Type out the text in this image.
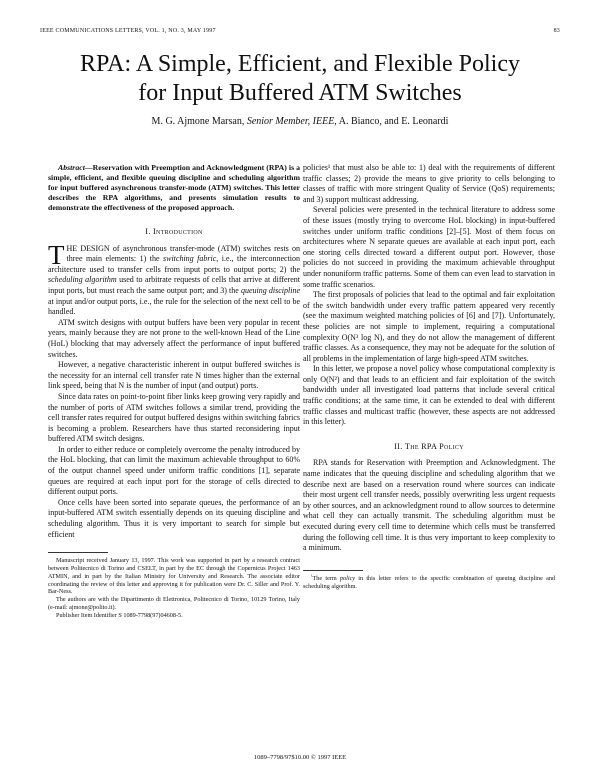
IEEE COMMUNICATIONS LETTERS, VOL. 1, NO. 3, MAY 1997	83
RPA: A Simple, Efficient, and Flexible Policy
for Input Buffered ATM Switches
M. G. Ajmone Marsan, Senior Member, IEEE, A. Bianco, and E. Leonardi

Abstract—Reservation with Preemption and Acknowledgment (RPA) is a simple, efficient, and flexible queuing discipline and scheduling algorithm for input buffered asynchronous transfer-mode (ATM) switches. This letter describes the RPA algorithms, and presents simulation results to demonstrate the effectiveness of the proposed approach.

I. Introduction

THE DESIGN of asynchronous transfer-mode (ATM) switches rests on three main elements: 1) the switching fabric, i.e., the interconnection architecture used to transfer cells from input ports to output ports; 2) the scheduling algorithm used to arbitrate requests of cells that arrive at different input ports, but must reach the same output port; and 3) the queuing discipline at input and/or output ports, i.e., the rule for the selection of the next cell to be handled.

ATM switch designs with output buffers have been very popular in recent years, mainly because they are not prone to the well-known Head of the Line (HoL) blocking that may adversely affect the performance of input buffered switches.

However, a negative characteristic inherent in output buffered switches is the necessity for an internal cell transfer rate N times higher than the external link speed, being that N is the number of input (and output) ports.

Since data rates on point-to-point fiber links keep growing very rapidly and the number of ports of ATM switches follows a similar trend, providing the cell transfer rates required for output buffered designs within switching fabrics is becoming a problem. Researchers have thus started reconsidering input buffered ATM switch designs.

In order to either reduce or completely overcome the penalty introduced by the HoL blocking, that can limit the maximum achievable throughput to 60% of the output channel speed under uniform traffic conditions [1], separate queues are required at each input port for the storage of cells directed to different output ports.

Once cells have been sorted into separate queues, the performance of an input-buffered ATM switch essentially depends on its queuing discipline and scheduling algorithm. Thus it is very important to search for simple but efficient

Manuscript received January 13, 1997. This work was supported in part by a research contract between Politecnico di Torino and CSELT, in part by the EC through the Copernicus Project 1463 ATMIN, and in part by the Italian Ministry for University and Research. The associate editor coordinating the review of this letter and approving it for publication were Dr. C. Siller and Prof. Y. Bar-Ness.

The authors are with the Dipartimento di Elettronica, Politecnico di Torino, 10129 Torino, Italy (e-mail: ajmone@polito.it).

Publisher Item Identifier S 1089-7798(97)04608-5.

policies¹ that must also be able to: 1) deal with the requirements of different traffic classes; 2) provide the means to give priority to cells belonging to classes of traffic with more stringent Quality of Service (QoS) requirements; and 3) support multicast addressing.

Several policies were presented in the technical literature to address some of these issues (mostly trying to overcome HoL blocking) in input-buffered switches under uniform traffic conditions [2]–[5]. Most of them focus on architectures where N separate queues are available at each input port, each one storing cells directed toward a different output port. However, those policies do not succeed in providing the maximum achievable throughput under nonuniform traffic patterns. Some of them can even lead to starvation in some traffic scenarios.

The first proposals of policies that lead to the optimal and fair exploitation of the switch bandwidth under every traffic pattern appeared very recently (see the maximum weighted matching policies of [6] and [7]). Unfortunately, these policies are not simple to implement, requiring a computational complexity O(N³ log N), and they do not allow the management of different traffic classes. As a consequence, they may not be adequate for the solution of all problems in the implementation of large high-speed ATM switches.

In this letter, we propose a novel policy whose computational complexity is only O(N²) and that leads to an efficient and fair exploitation of the switch bandwidth under all investigated load patterns that include several critical traffic conditions; at the same time, it can be extended to deal with different traffic classes and multicast traffic (however, these aspects are not addressed in this letter).

II. The RPA Policy

RPA stands for Reservation with Preemption and Acknowledgment. The name indicates that the queuing discipline and scheduling algorithm that we describe next are based on a reservation round where sources can indicate their most urgent cell transfer needs, possibly overwriting less urgent requests by other sources, and an acknowledgment round to allow sources to determine what cell they can actually transmit. The scheduling algorithm must be executed during every cell time to determine which cells must be transferred during the following cell time. It is thus very important to keep complexity to a minimum.

$^{^1}$The term policy in this letter refers to the specific combination of queuing discipline and scheduling algorithm.

1089–7798/97$10.00 © 1997 IEEE
